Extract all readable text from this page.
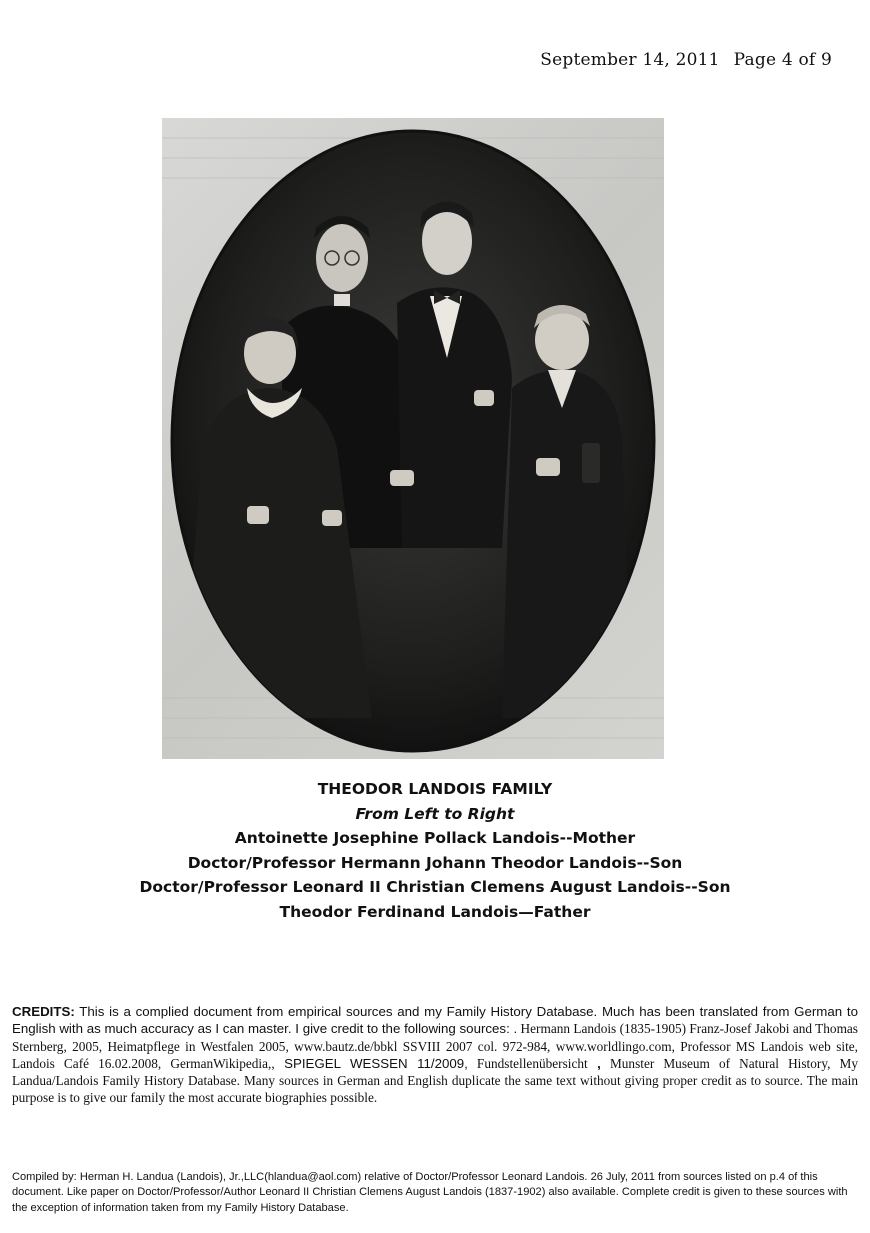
September 14, 2011 Page 4 of 9
THEODOR LANDOIS FAMILY
From Left to Right
Antoinette Josephine Pollack Landois--Mother
Doctor/Professor Hermann Johann Theodor Landois--Son
Doctor/Professor Leonard II Christian Clemens August Landois--Son
Theodor Ferdinand Landois—Father
CREDITS: This is a complied document from empirical sources and my Family History Database. Much has been translated from German to English with as much accuracy as I can master. I give credit to the following sources: . Hermann Landois (1835-1905) Franz-Josef Jakobi and Thomas Sternberg, 2005, Heimatpflege in Westfalen 2005, www.bautz.de/bbkl SSVIII 2007 col. 972-984, www.worldlingo.com, Professor MS Landois web site, Landois Café 16.02.2008, GermanWikipedia,, SPIEGEL WESSEN 11/2009, Fundstellenübersicht , Munster Museum of Natural History, My Landua/Landois Family History Database. Many sources in German and English duplicate the same text without giving proper credit as to source. The main purpose is to give our family the most accurate biographies possible.
Compiled by: Herman H. Landua (Landois), Jr.,LLC(hlandua@aol.com) relative of Doctor/Professor Leonard Landois. 26 July, 2011 from sources listed on p.4 of this document. Like paper on Doctor/Professor/Author Leonard II Christian Clemens August Landois (1837-1902) also available. Complete credit is given to these sources with the exception of information taken from my Family History Database.
